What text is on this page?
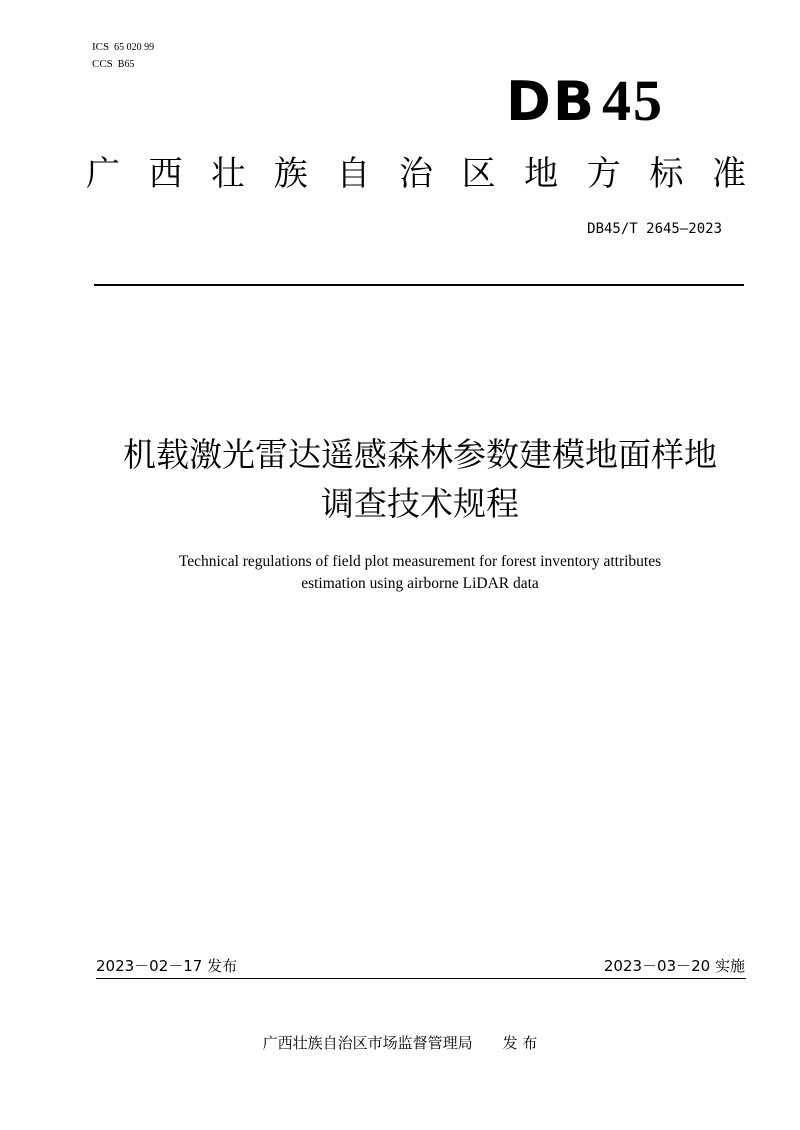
ICS 65 020 99
CCS B65
DB 45
广 西 壮 族 自 治 区 地 方 标 准
DB45/T 2645—2023
机载激光雷达遥感森林参数建模地面样地
调查技术规程
Technical regulations of field plot measurement for forest inventory attributes
estimation using airborne LiDAR data
2023－02－17 发布	2023－03－20 实施
广西壮族自治区市场监督管理局 发 布
